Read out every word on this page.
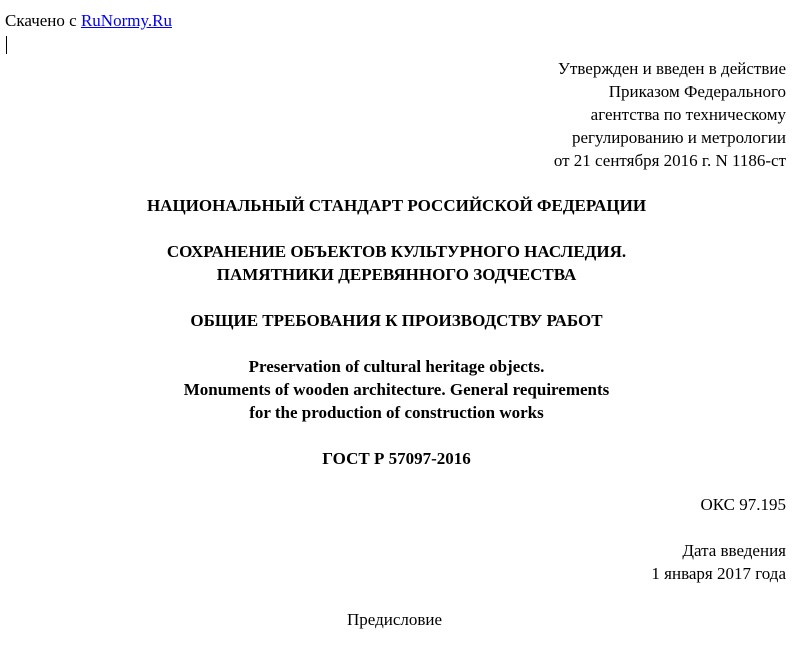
Скачено с RuNormy.Ru
Утвержден и введен в действие
Приказом Федерального
агентства по техническому
регулированию и метрологии
от 21 сентября 2016 г. N 1186-ст
НАЦИОНАЛЬНЫЙ СТАНДАРТ РОССИЙСКОЙ ФЕДЕРАЦИИ
СОХРАНЕНИЕ ОБЪЕКТОВ КУЛЬТУРНОГО НАСЛЕДИЯ.
ПАМЯТНИКИ ДЕРЕВЯННОГО ЗОДЧЕСТВА
ОБЩИЕ ТРЕБОВАНИЯ К ПРОИЗВОДСТВУ РАБОТ
Preservation of cultural heritage objects.
Monuments of wooden architecture. General requirements
for the production of construction works
ГОСТ Р 57097-2016
ОКС 97.195
Дата введения
1 января 2017 года
Предисловие
